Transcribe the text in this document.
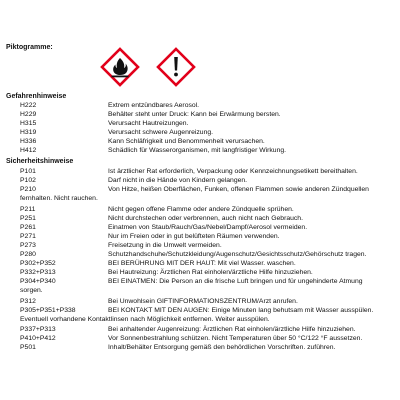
Piktogramme:
Gefahrenhinweise
H222	Extrem entzündbares Aerosol.
H229	Behälter steht unter Druck: Kann bei Erwärmung bersten.
H315	Verursacht Hautreizungen.
H319	Verursacht schwere Augenreizung.
H336	Kann Schläfrigkeit und Benommenheit verursachen.
H412	Schädlich für Wasserorganismen, mit langfristiger Wirkung.
Sicherheitshinweise
P101	Ist ärztlicher Rat erforderlich, Verpackung oder Kennzeichnungsetikett bereithalten.
P102	Darf nicht in die Hände von Kindern gelangen.
P210	Von Hitze, heißen Oberflächen, Funken, offenen Flammen sowie anderen Zündquellen
fernhalten. Nicht rauchen.
P211	Nicht gegen offene Flamme oder andere Zündquelle sprühen.
P251	Nicht durchstechen oder verbrennen, auch nicht nach Gebrauch.
P261	Einatmen von Staub/Rauch/Gas/Nebel/Dampf/Aerosol vermeiden.
P271	Nur im Freien oder in gut belüfteten Räumen verwenden.
P273	Freisetzung in die Umwelt vermeiden.
P280	Schutzhandschuhe/Schutzkleidung/Augenschutz/Gesichtsschutz/Gehörschutz tragen.
P302+P352	BEI BERÜHRUNG MIT DER HAUT: Mit viel Wasser. waschen.
P332+P313	Bei Hautreizung: Ärztlichen Rat einholen/ärztliche Hilfe hinzuziehen.
P304+P340	BEI EINATMEN: Die Person an die frische Luft bringen und für ungehinderte Atmung
sorgen.
P312	Bei Unwohlsein GIFTINFORMATIONSZENTRUM/Arzt anrufen.
P305+P351+P338	BEI KONTAKT MIT DEN AUGEN: Einige Minuten lang behutsam mit Wasser ausspülen.
Eventuell vorhandene Kontaktlinsen nach Möglichkeit entfernen. Weiter ausspülen.
P337+P313	Bei anhaltender Augenreizung: Ärztlichen Rat einholen/ärztliche Hilfe hinzuziehen.
P410+P412	Vor Sonnenbestrahlung schützen. Nicht Temperaturen über 50 °C/122 °F aussetzen.
P501	Inhalt/Behälter Entsorgung gemäß den behördlichen Vorschriften. zuführen.
